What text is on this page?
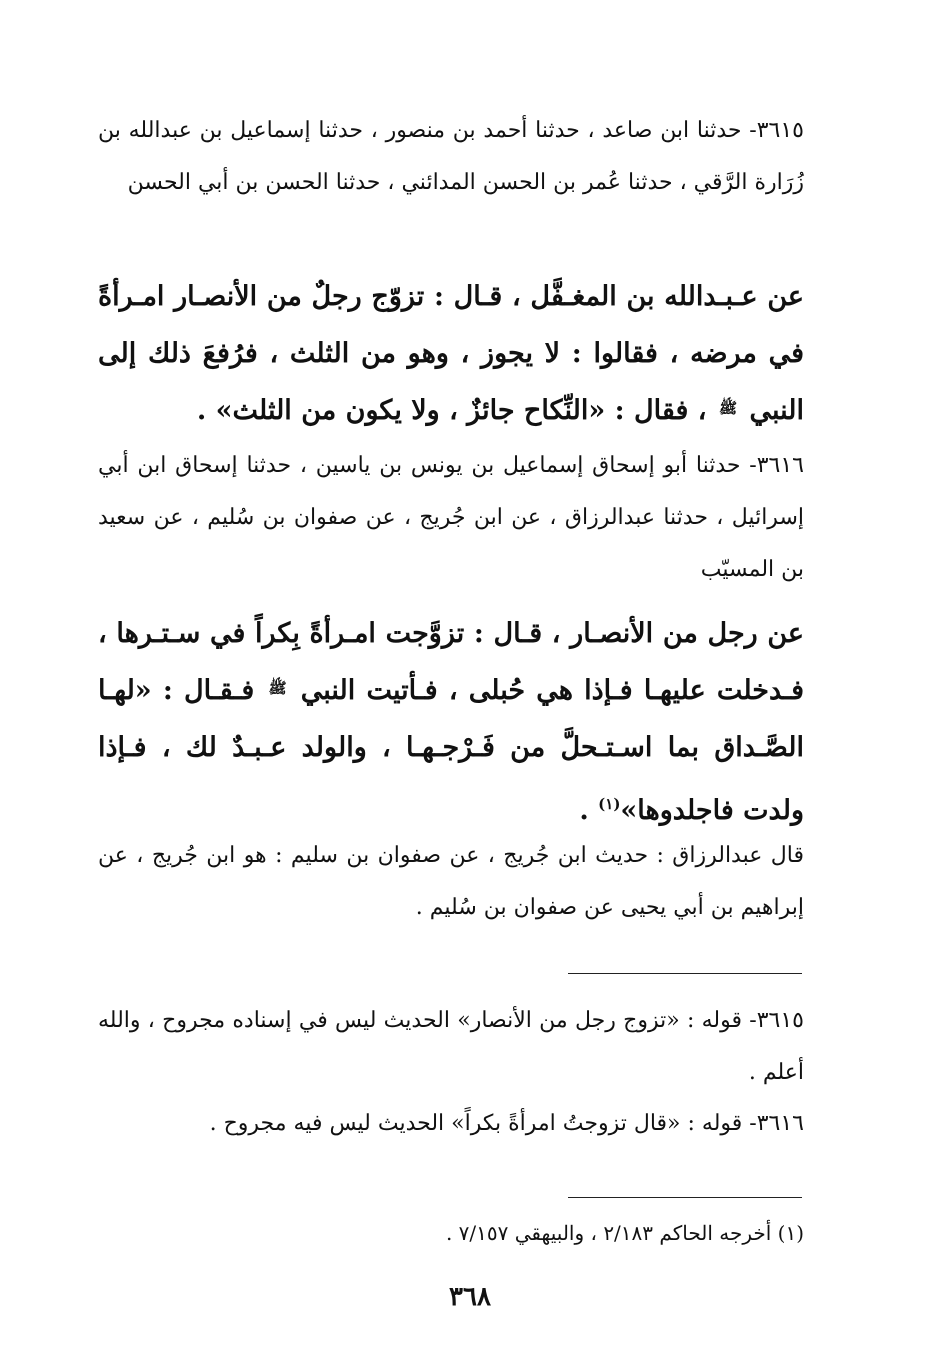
٣٦١٥- حدثنا ابن صاعد ، حدثنا أحمد بن منصور ، حدثنا إسماعيل بن عبدالله بن زُرَارة الرَّقي ، حدثنا عُمر بن الحسن المدائني ، حدثنا الحسن بن أبي الحسن
عن عـبـدالله بن المغـفَّل ، قـال : تزوّج رجلٌ من الأنصـار امـرأةً في مرضه ، فقالوا : لا يجوز ، وهو من الثلث ، فرُفعَ ذلك إلى النبي ﷺ ، فقال : «النِّكاح جائزٌ ، ولا يكون من الثلث» .
٣٦١٦- حدثنا أبو إسحاق إسماعيل بن يونس بن ياسين ، حدثنا إسحاق ابن أبي إسرائيل ، حدثنا عبدالرزاق ، عن ابن جُريج ، عن صفوان بن سُليم ، عن سعيد بن المسيّب
عن رجل من الأنصـار ، قـال : تزوَّجت امـرأةً بِكراً في سـتـرها ، فـدخلت عليهـا فـإذا هي حُبلى ، فـأتيت النبي ﷺ فـقـال : «لهـا الصَّـداق بما اسـتـحلَّ من فَـرْجـهـا ، والولد عـبـدٌ لك ، فـإذا ولدت فاجلدوها»$^{(١)}$ .
قال عبدالرزاق : حديث ابن جُريج ، عن صفوان بن سليم : هو ابن جُريج ، عن إبراهيم بن أبي يحيى عن صفوان بن سُليم .
٣٦١٥- قوله : «تزوج رجل من الأنصار» الحديث ليس في إسناده مجروح ، والله أعلم .
٣٦١٦- قوله : «قال تزوجتُ امرأةً بكراً» الحديث ليس فيه مجروح .
(١) أخرجه الحاكم ٢/١٨٣ ، والبيهقي ٧/١٥٧ .
٣٦٨
